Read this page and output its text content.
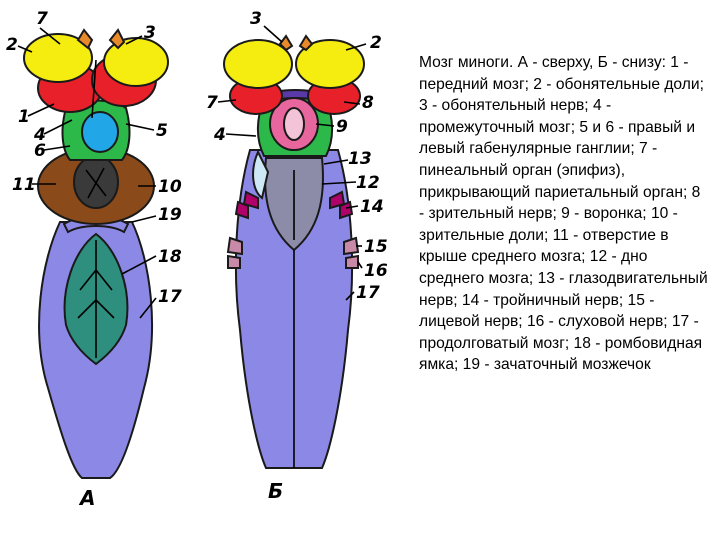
7
2
3
1
4	5
6
11	10
19
18
17
А
3
2
7	8
4	9
13
12
14
15
16
17
Б

Мозг миноги. А - сверху, Б - снизу: 1 - передний мозг; 2 - обонятельные доли; 3 - обонятельный нерв; 4 - промежуточный мозг; 5 и 6 - правый и левый габенулярные ганглии; 7 - пинеальный орган (эпифиз), прикрывающий париетальный орган; 8 - зрительный нерв; 9 - воронка; 10 - зрительные доли; 11 - отверстие в крыше среднего мозга; 12 - дно среднего мозга; 13 - глазодвигательный нерв; 14 - тройничный нерв; 15 - лицевой нерв; 16 - слуховой нерв; 17 - продолговатый мозг; 18 - ромбовидная ямка; 19 - зачаточный мозжечок
